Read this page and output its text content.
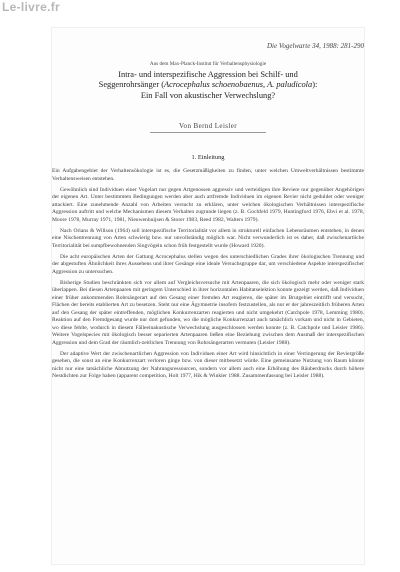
Le-livre.fr
Die Vogelwarte 34, 1988: 281-290
Aus dem Max-Planck-Institut für Verhaltensphysiologie
Intra- und interspezifische Aggression bei Schilf- und
Seggenrohrsänger (Acrocephalus schoenobaenus, A. paludicola):
Ein Fall von akustischer Verwechslung?
Von Bernd Leisler
1. Einleitung

Ein Aufgabengebiet der Verhaltensökologie ist es, die Gesetzmäßigkeiten zu finden, unter welchen Umweltverhältnissen bestimmte Verhaltensweisen entstehen.

Gewöhnlich sind Individuen einer Vogelart nur gegen Artgenossen aggressiv und verteidigen ihre Reviere nur gegenüber Angehörigen der eigenen Art. Unter bestimmten Bedingungen werden aber auch artfremde Individuen im eigenen Revier nicht geduldet oder weniger attackiert. Eine zunehmende Anzahl von Arbeiten versucht zu erklären, unter welchen ökologischen Verhältnissen interspezifische Aggression auftritt und welche Mechanismen diesem Verhalten zugrunde liegen (z. B. Gochfeld 1979, Huntingford 1976, Ebvi et al. 1978, Moore 1978, Murray 1971, 1981, Nieuwenhuijsen & Storer 1983, Reed 1982, Walters 1979).

Nach Orians & Willson (1964) soll interspezifische Territorialität vor allem in strukturell einfachen Lebensräumen entstehen, in denen eine Nischentrennung von Arten schwierig bzw. nur unvollständig möglich war. Nicht verwunderlich ist es daher, daß zwischenartliche Territorialität bei sumpfbewohnenden Singvögeln schon früh festgestellt wurde (Howard 1920).

Die acht europäischen Arten der Gattung Acrocephalus stellen wegen des unterschiedlichen Grades ihrer ökologischen Trennung und der abgestuften Ähnlichkeit ihres Aussehens und ihrer Gesänge eine ideale Versuchsgruppe dar, um verschiedene Aspekte interspezifischer Aggression zu untersuchen.

Bisherige Studien beschränkten sich vor allem auf Vergleichsversuche mit Artenpaaren, die sich ökologisch mehr oder weniger stark überlappen. Bei diesen Artenpaaren mit geringem Unterschied in ihrer horizontalen Habitatselektion konnte gezeigt werden, daß Individuen einer früher ankommenden Rohrsängerart auf den Gesang einer fremden Art reagieren, die später im Brutgebiet eintrifft und versucht, Flächen der bereits etablierten Art zu besetzen. Steht nur eine Ägymnetrie insofern festzustellen, als nur er der jahreszeitlich früheren Arten auf den Gesang der später eintreffenden, möglichen Konkurrenzarten reagierten und nicht umgekehrt (Catchpole 1978, Lemming 1980). Reaktion auf den Fremdgesang wurde nur dort gefunden, wo die mögliche Konkurrenzart auch tatsächlich vorkam und nicht in Gebieten, wo diese fehlte, wodurch in diesem Fälleeinakustische Verwechslung ausgeschlossen werden konnte (z. B. Catchpole und Leisler 1986). Weitere Vogelspecies mit ökologisch besser separierten Artenpaaren ließen eine Beziehung zwischen dem Ausmaß der interspezifischen Aggression und dem Grad der räumlich-zeitlichen Trennung von Rohrsängerarten vermuten (Leisler 1988).

Der adaptive Wert der zwischenartlichen Aggression von Individuen einer Art wird hinsichtlich in einer Verringerung der Reviergröße gesehen, die sonst an eine Konkurrenzart verloren ginge bzw. von dieser mitbesetzt würde. Eine gemeinsame Nutzung von Raum könnte nicht nur eine tatsächliche Abnutzung der Nahrungsressourcen, sondern vor allem auch eine Erhöhung des Räuberdrucks durch höhere Nestdichten zur Folge haben (apparent competition, Holt 1977, Hik & Winkler 1988. Zusammenfassung bei Leisler 1988).
